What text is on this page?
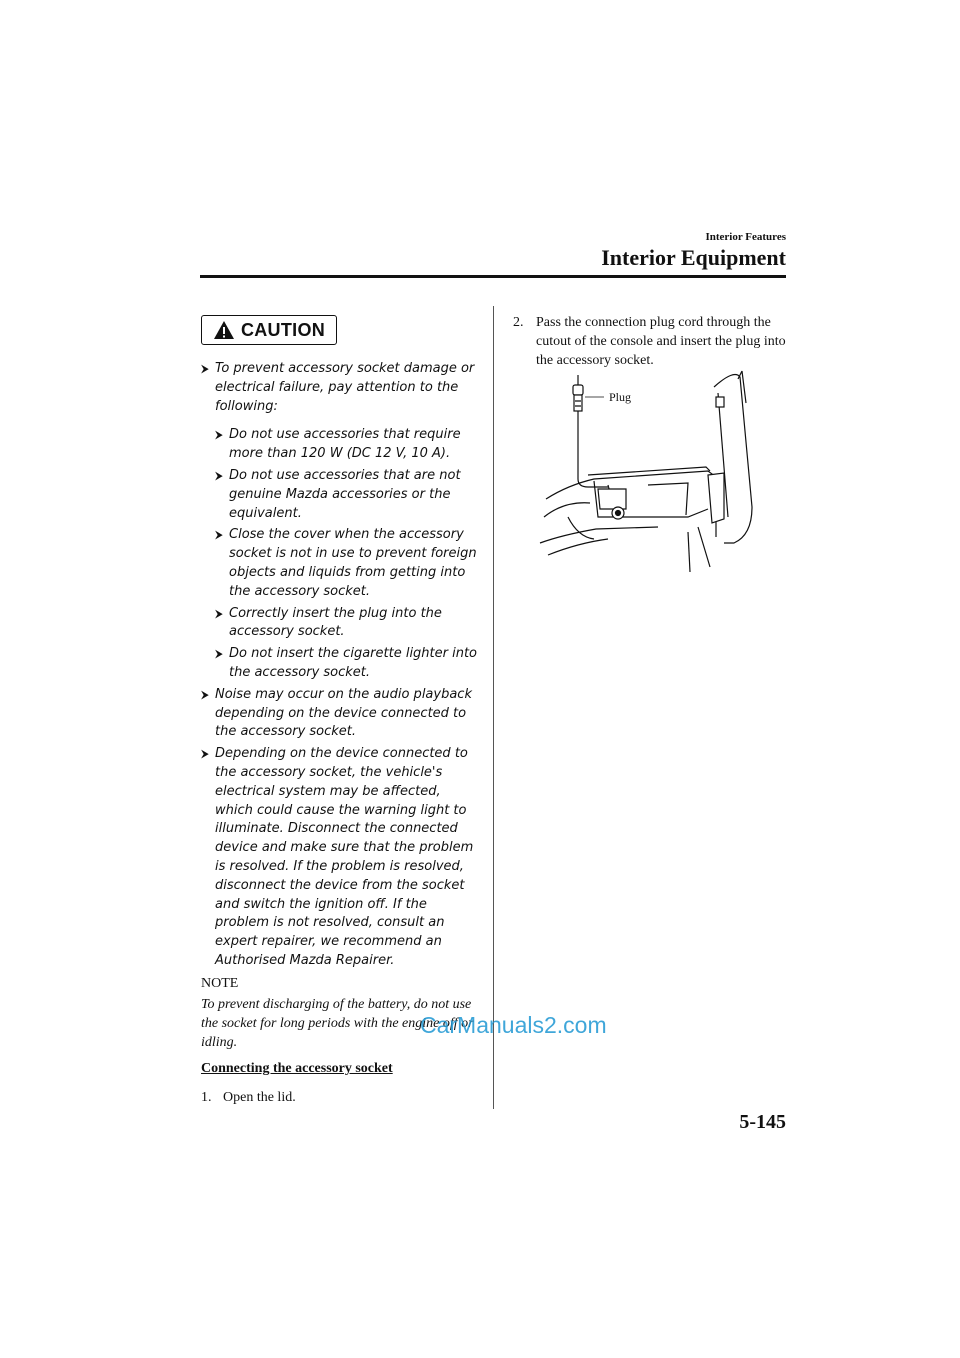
Interior Features
Interior Equipment
CAUTION
⮞ To prevent accessory socket damage or electrical failure, pay attention to the following:
⮞ Do not use accessories that require more than 120 W (DC 12 V, 10 A).
⮞ Do not use accessories that are not genuine Mazda accessories or the equivalent.
⮞ Close the cover when the accessory socket is not in use to prevent foreign objects and liquids from getting into the accessory socket.
⮞ Correctly insert the plug into the accessory socket.
⮞ Do not insert the cigarette lighter into the accessory socket.
⮞ Noise may occur on the audio playback depending on the device connected to the accessory socket.
⮞ Depending on the device connected to the accessory socket, the vehicle's electrical system may be affected, which could cause the warning light to illuminate. Disconnect the connected device and make sure that the problem is resolved. If the problem is resolved, disconnect the device from the socket and switch the ignition off. If the problem is not resolved, consult an expert repairer, we recommend an Authorised Mazda Repairer.
NOTE
To prevent discharging of the battery, do not use the socket for long periods with the engine off or idling.
CarManuals2.com
Connecting the accessory socket
1. Open the lid.
2. Pass the connection plug cord through the cutout of the console and insert the plug into the accessory socket.
Plug
5-145
